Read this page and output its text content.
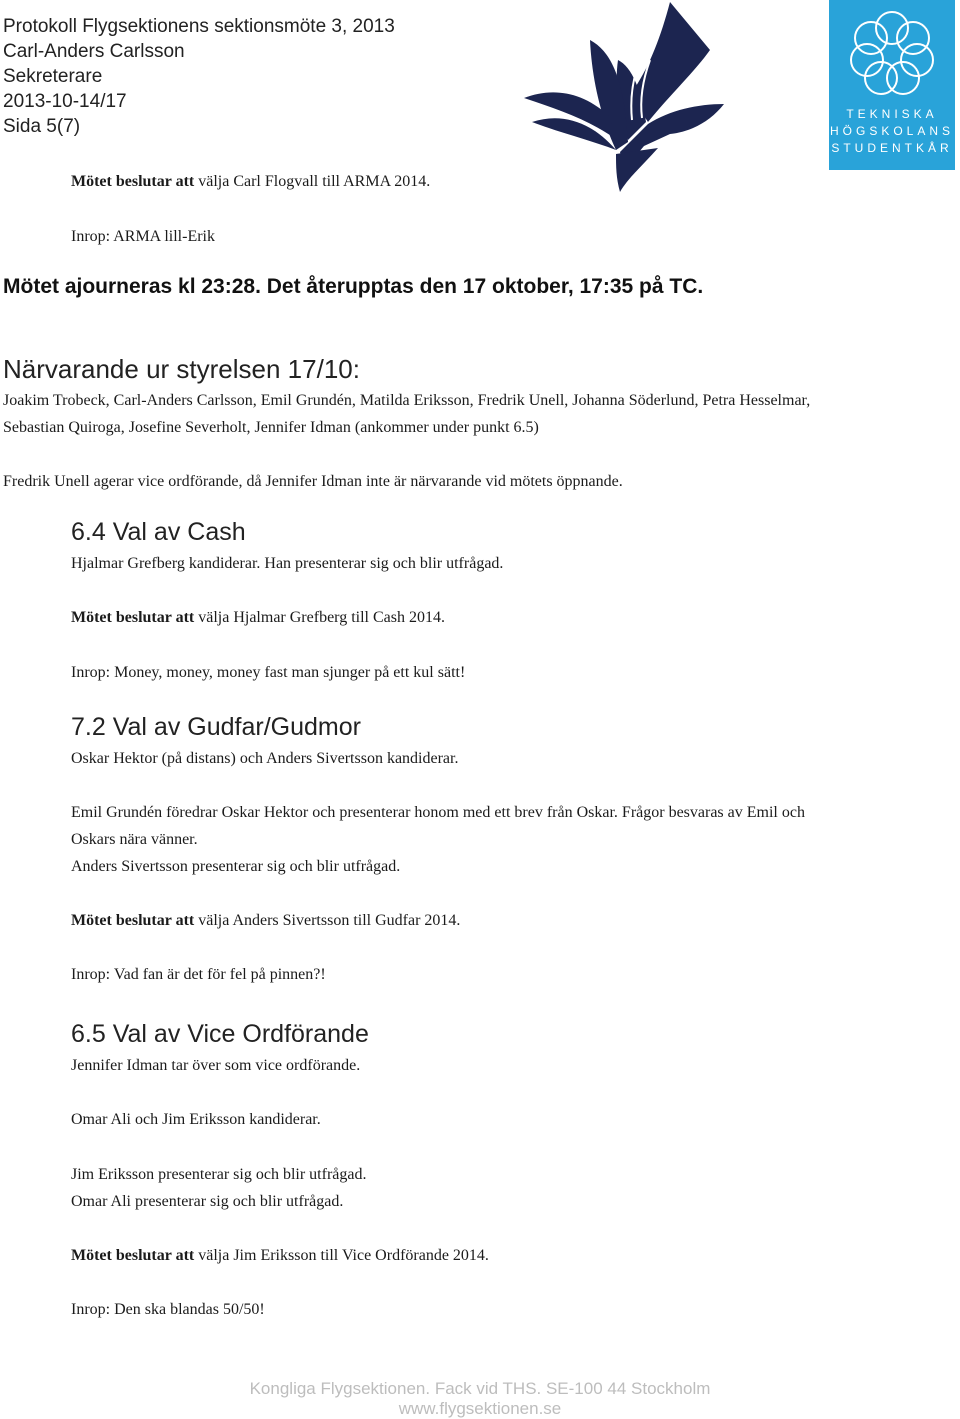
Protokoll Flygsektionens sektionsmöte 3, 2013
Carl-Anders Carlsson
Sekreterare
2013-10-14/17
Sida 5(7)
TEKNISKA
HÖGSKOLANS
STUDENTKÅR
Mötet beslutar att välja Carl Flogvall till ARMA 2014.
Inrop: ARMA lill-Erik
Mötet ajourneras kl 23:28. Det återupptas den 17 oktober, 17:35 på TC.
Närvarande ur styrelsen 17/10:
Joakim Trobeck, Carl-Anders Carlsson, Emil Grundén, Matilda Eriksson, Fredrik Unell, Johanna Söderlund, Petra Hesselmar,
Sebastian Quiroga, Josefine Severholt, Jennifer Idman (ankommer under punkt 6.5)
Fredrik Unell agerar vice ordförande, då Jennifer Idman inte är närvarande vid mötets öppnande.
6.4 Val av Cash
Hjalmar Grefberg kandiderar. Han presenterar sig och blir utfrågad.
Mötet beslutar att välja Hjalmar Grefberg till Cash 2014.
Inrop: Money, money, money fast man sjunger på ett kul sätt!
7.2 Val av Gudfar/Gudmor
Oskar Hektor (på distans) och Anders Sivertsson kandiderar.
Emil Grundén föredrar Oskar Hektor och presenterar honom med ett brev från Oskar. Frågor besvaras av Emil och
Oskars nära vänner.
Anders Sivertsson presenterar sig och blir utfrågad.
Mötet beslutar att välja Anders Sivertsson till Gudfar 2014.
Inrop: Vad fan är det för fel på pinnen?!
6.5 Val av Vice Ordförande
Jennifer Idman tar över som vice ordförande.
Omar Ali och Jim Eriksson kandiderar.
Jim Eriksson presenterar sig och blir utfrågad.
Omar Ali presenterar sig och blir utfrågad.
Mötet beslutar att välja Jim Eriksson till Vice Ordförande 2014.
Inrop: Den ska blandas 50/50!
Kongliga Flygsektionen. Fack vid THS. SE-100 44 Stockholm
www.flygsektionen.se
